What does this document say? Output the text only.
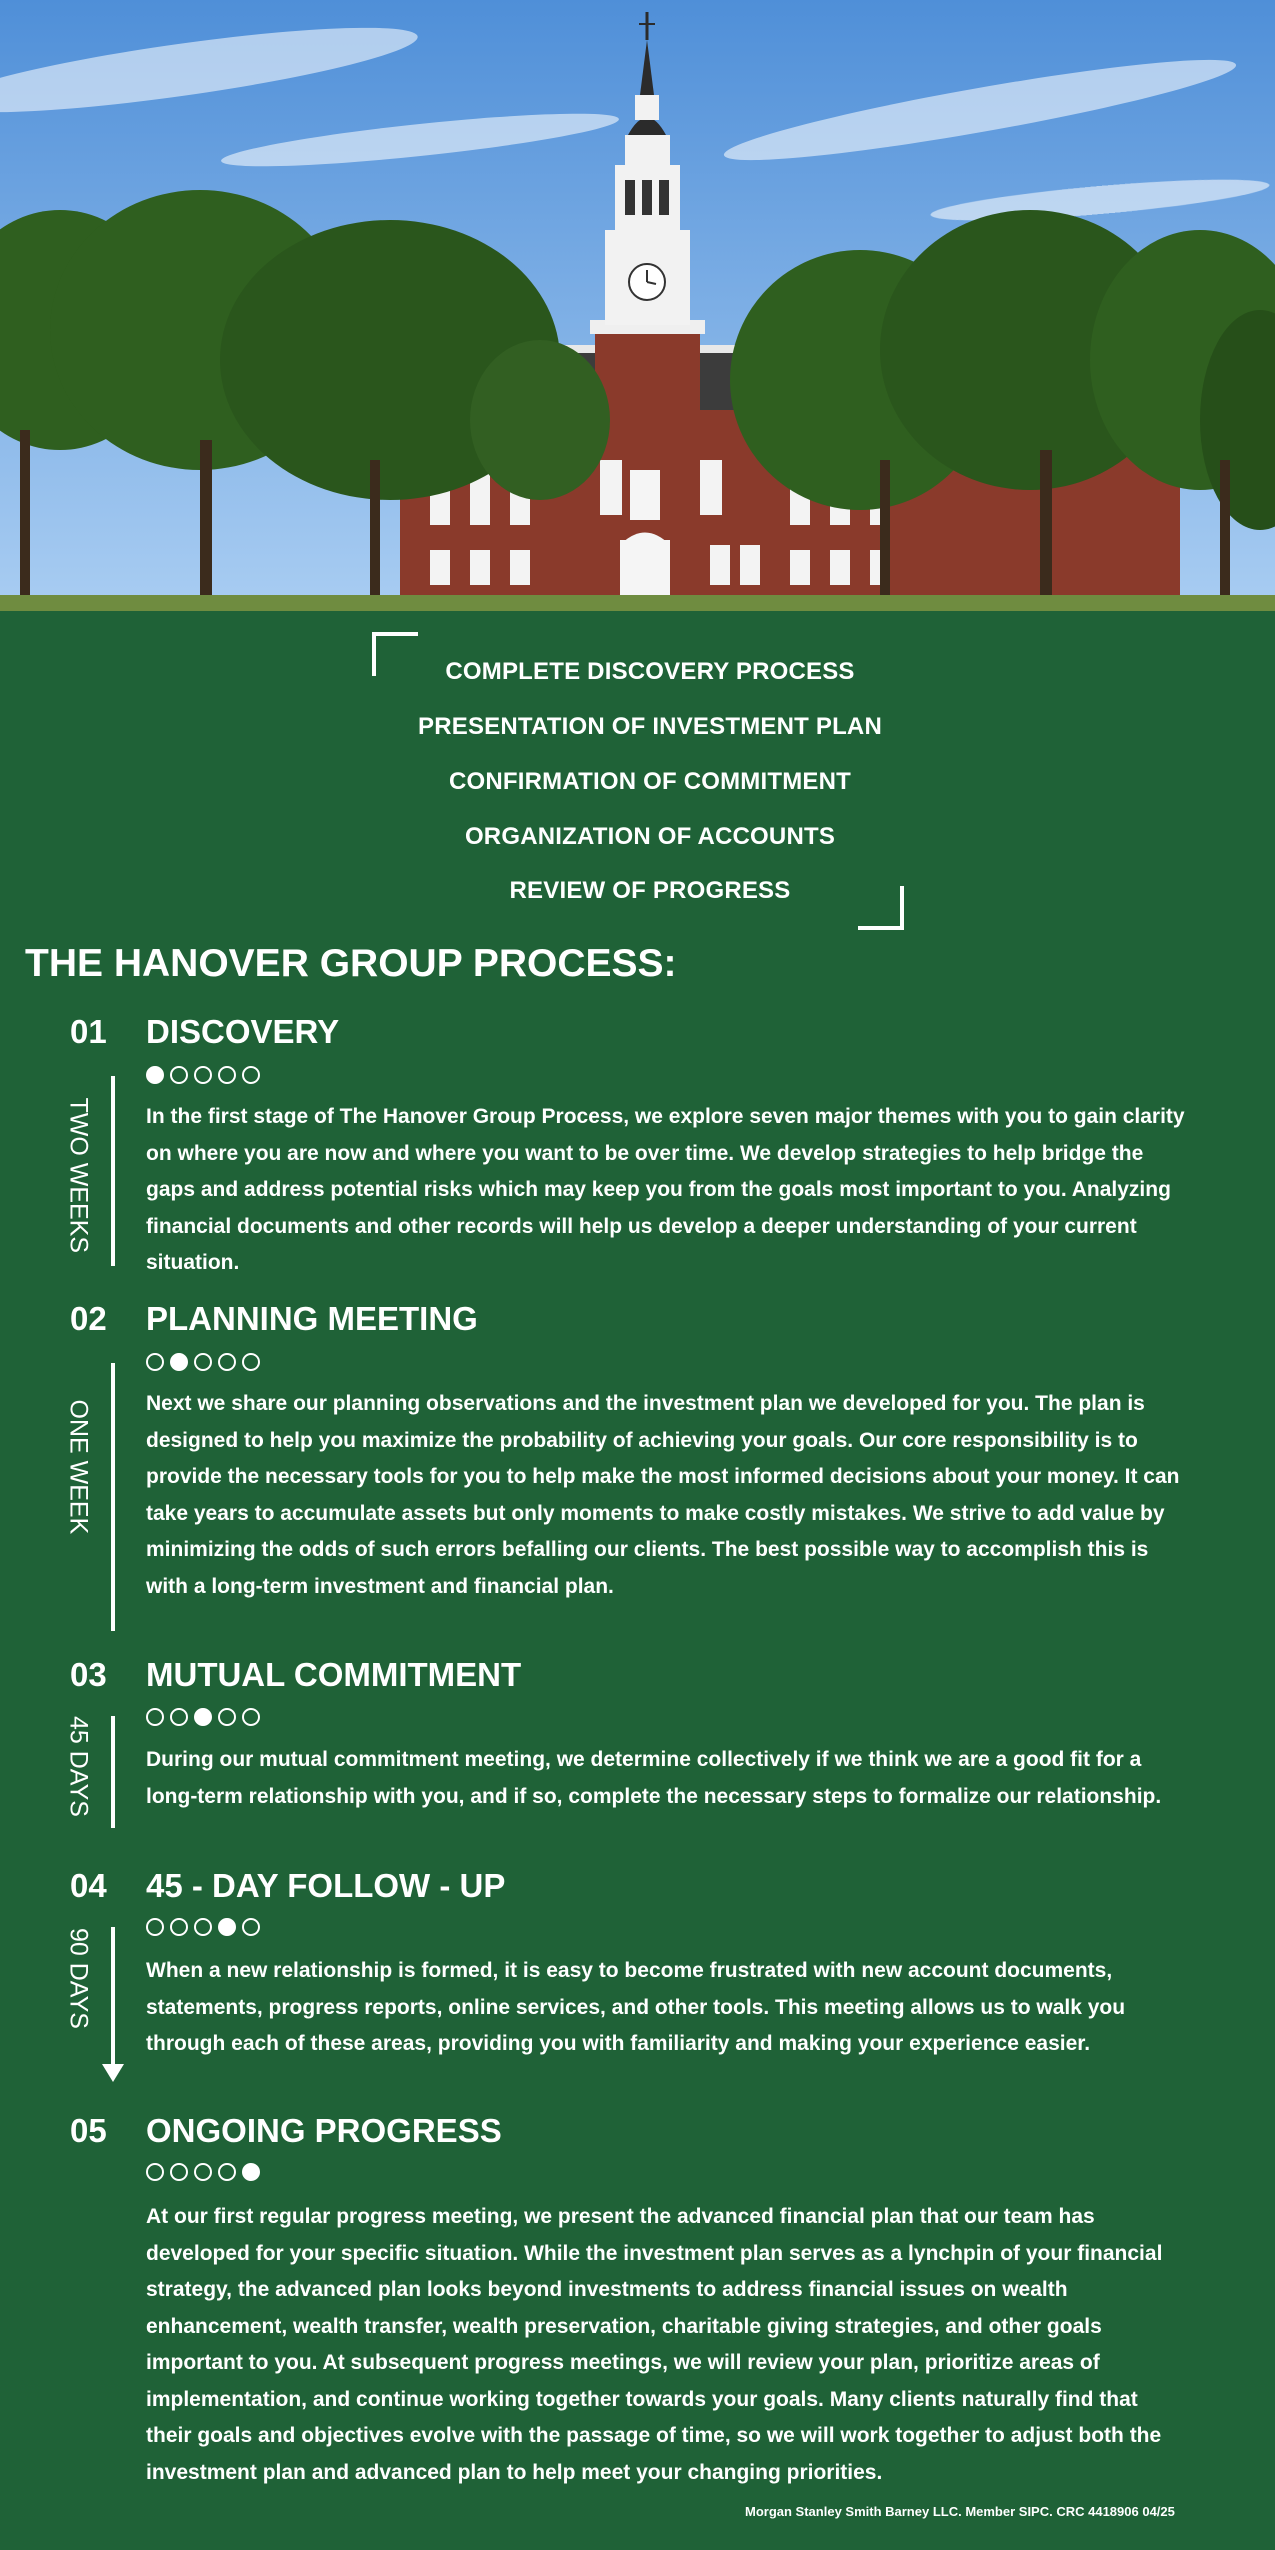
COMPLETE DISCOVERY PROCESS
PRESENTATION OF INVESTMENT PLAN
CONFIRMATION OF COMMITMENT
ORGANIZATION OF ACCOUNTS
REVIEW OF PROGRESS
THE HANOVER GROUP PROCESS:
01 DISCOVERY
TWO WEEKS	In the first stage of The Hanover Group Process, we explore seven major themes with you to gain clarity
on where you are now and where you want to be over time. We develop strategies to help bridge the
gaps and address potential risks which may keep you from the goals most important to you. Analyzing
financial documents and other records will help us develop a deeper understanding of your current
situation.
02 PLANNING MEETING
ONE WEEK	Next we share our planning observations and the investment plan we developed for you. The plan is
designed to help you maximize the probability of achieving your goals. Our core responsibility is to
provide the necessary tools for you to help make the most informed decisions about your money. It can
take years to accumulate assets but only moments to make costly mistakes. We strive to add value by
minimizing the odds of such errors befalling our clients. The best possible way to accomplish this is
with a long-term investment and financial plan.
03 MUTUAL COMMITMENT
45 DAYS	During our mutual commitment meeting, we determine collectively if we think we are a good fit for a
long-term relationship with you, and if so, complete the necessary steps to formalize our relationship.
04 45 - DAY FOLLOW - UP
90 DAYS	When a new relationship is formed, it is easy to become frustrated with new account documents,
statements, progress reports, online services, and other tools. This meeting allows us to walk you
through each of these areas, providing you with familiarity and making your experience easier.
05 ONGOING PROGRESS
At our first regular progress meeting, we present the advanced financial plan that our team has
developed for your specific situation. While the investment plan serves as a lynchpin of your financial
strategy, the advanced plan looks beyond investments to address financial issues on wealth
enhancement, wealth transfer, wealth preservation, charitable giving strategies, and other goals
important to you. At subsequent progress meetings, we will review your plan, prioritize areas of
implementation, and continue working together towards your goals. Many clients naturally find that
their goals and objectives evolve with the passage of time, so we will work together to adjust both the
investment plan and advanced plan to help meet your changing priorities.
Morgan Stanley Smith Barney LLC. Member SIPC. CRC 4418906 04/25
